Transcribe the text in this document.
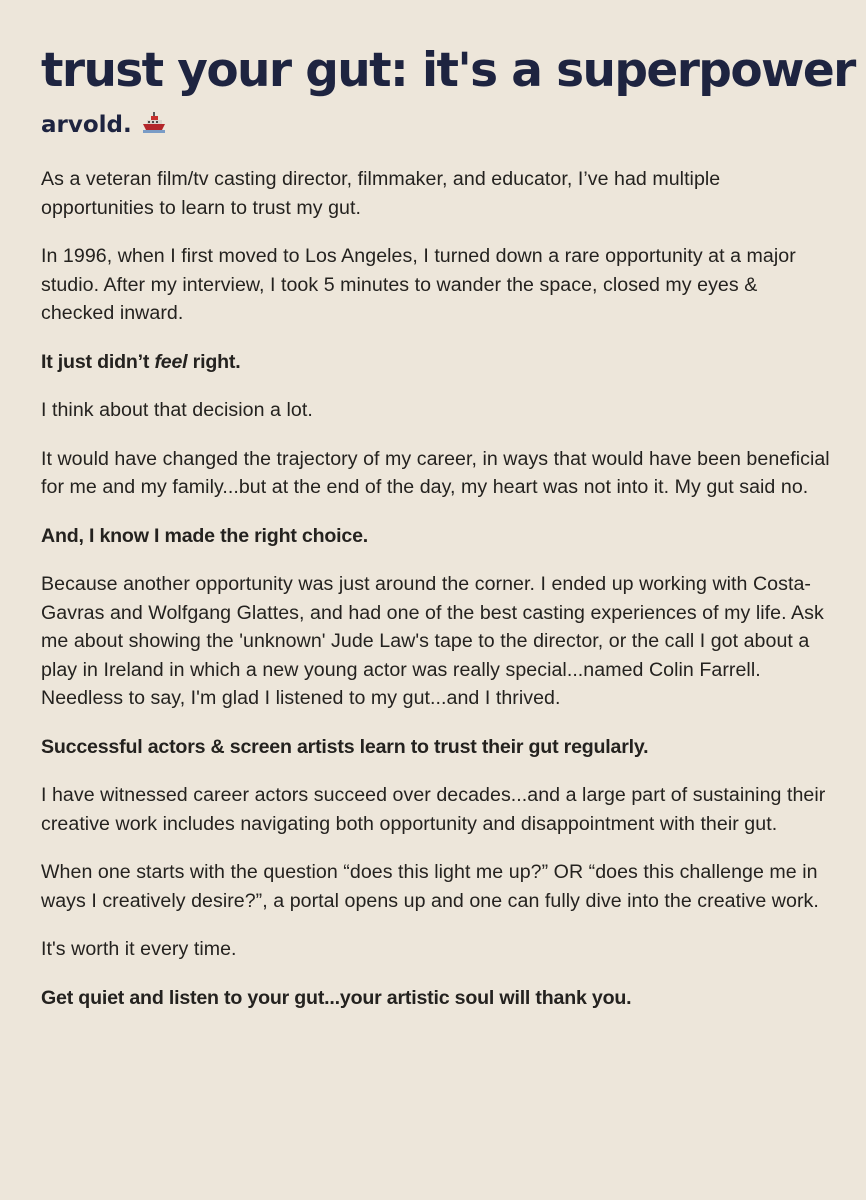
trust your gut: it's a superpower
arvold.

As a veteran film/tv casting director, filmmaker, and educator, I’ve had multiple opportunities to learn to trust my gut.

In 1996, when I first moved to Los Angeles, I turned down a rare opportunity at a major studio. After my interview, I took 5 minutes to wander the space, closed my eyes & checked inward.

It just didn’t feel right.

I think about that decision a lot.

It would have changed the trajectory of my career, in ways that would have been beneficial for me and my family...but at the end of the day, my heart was not into it. My gut said no.

And, I know I made the right choice.

Because another opportunity was just around the corner. I ended up working with Costa-Gavras and Wolfgang Glattes, and had one of the best casting experiences of my life. Ask me about showing the 'unknown' Jude Law's tape to the director, or the call I got about a play in Ireland in which a new young actor was really special...named Colin Farrell. Needless to say, I'm glad I listened to my gut...and I thrived.

Successful actors & screen artists learn to trust their gut regularly.

I have witnessed career actors succeed over decades...and a large part of sustaining their creative work includes navigating both opportunity and disappointment with their gut.

When one starts with the question “does this light me up?” OR “does this challenge me in ways I creatively desire?”, a portal opens up and one can fully dive into the creative work.

It's worth it every time.

Get quiet and listen to your gut...your artistic soul will thank you.
